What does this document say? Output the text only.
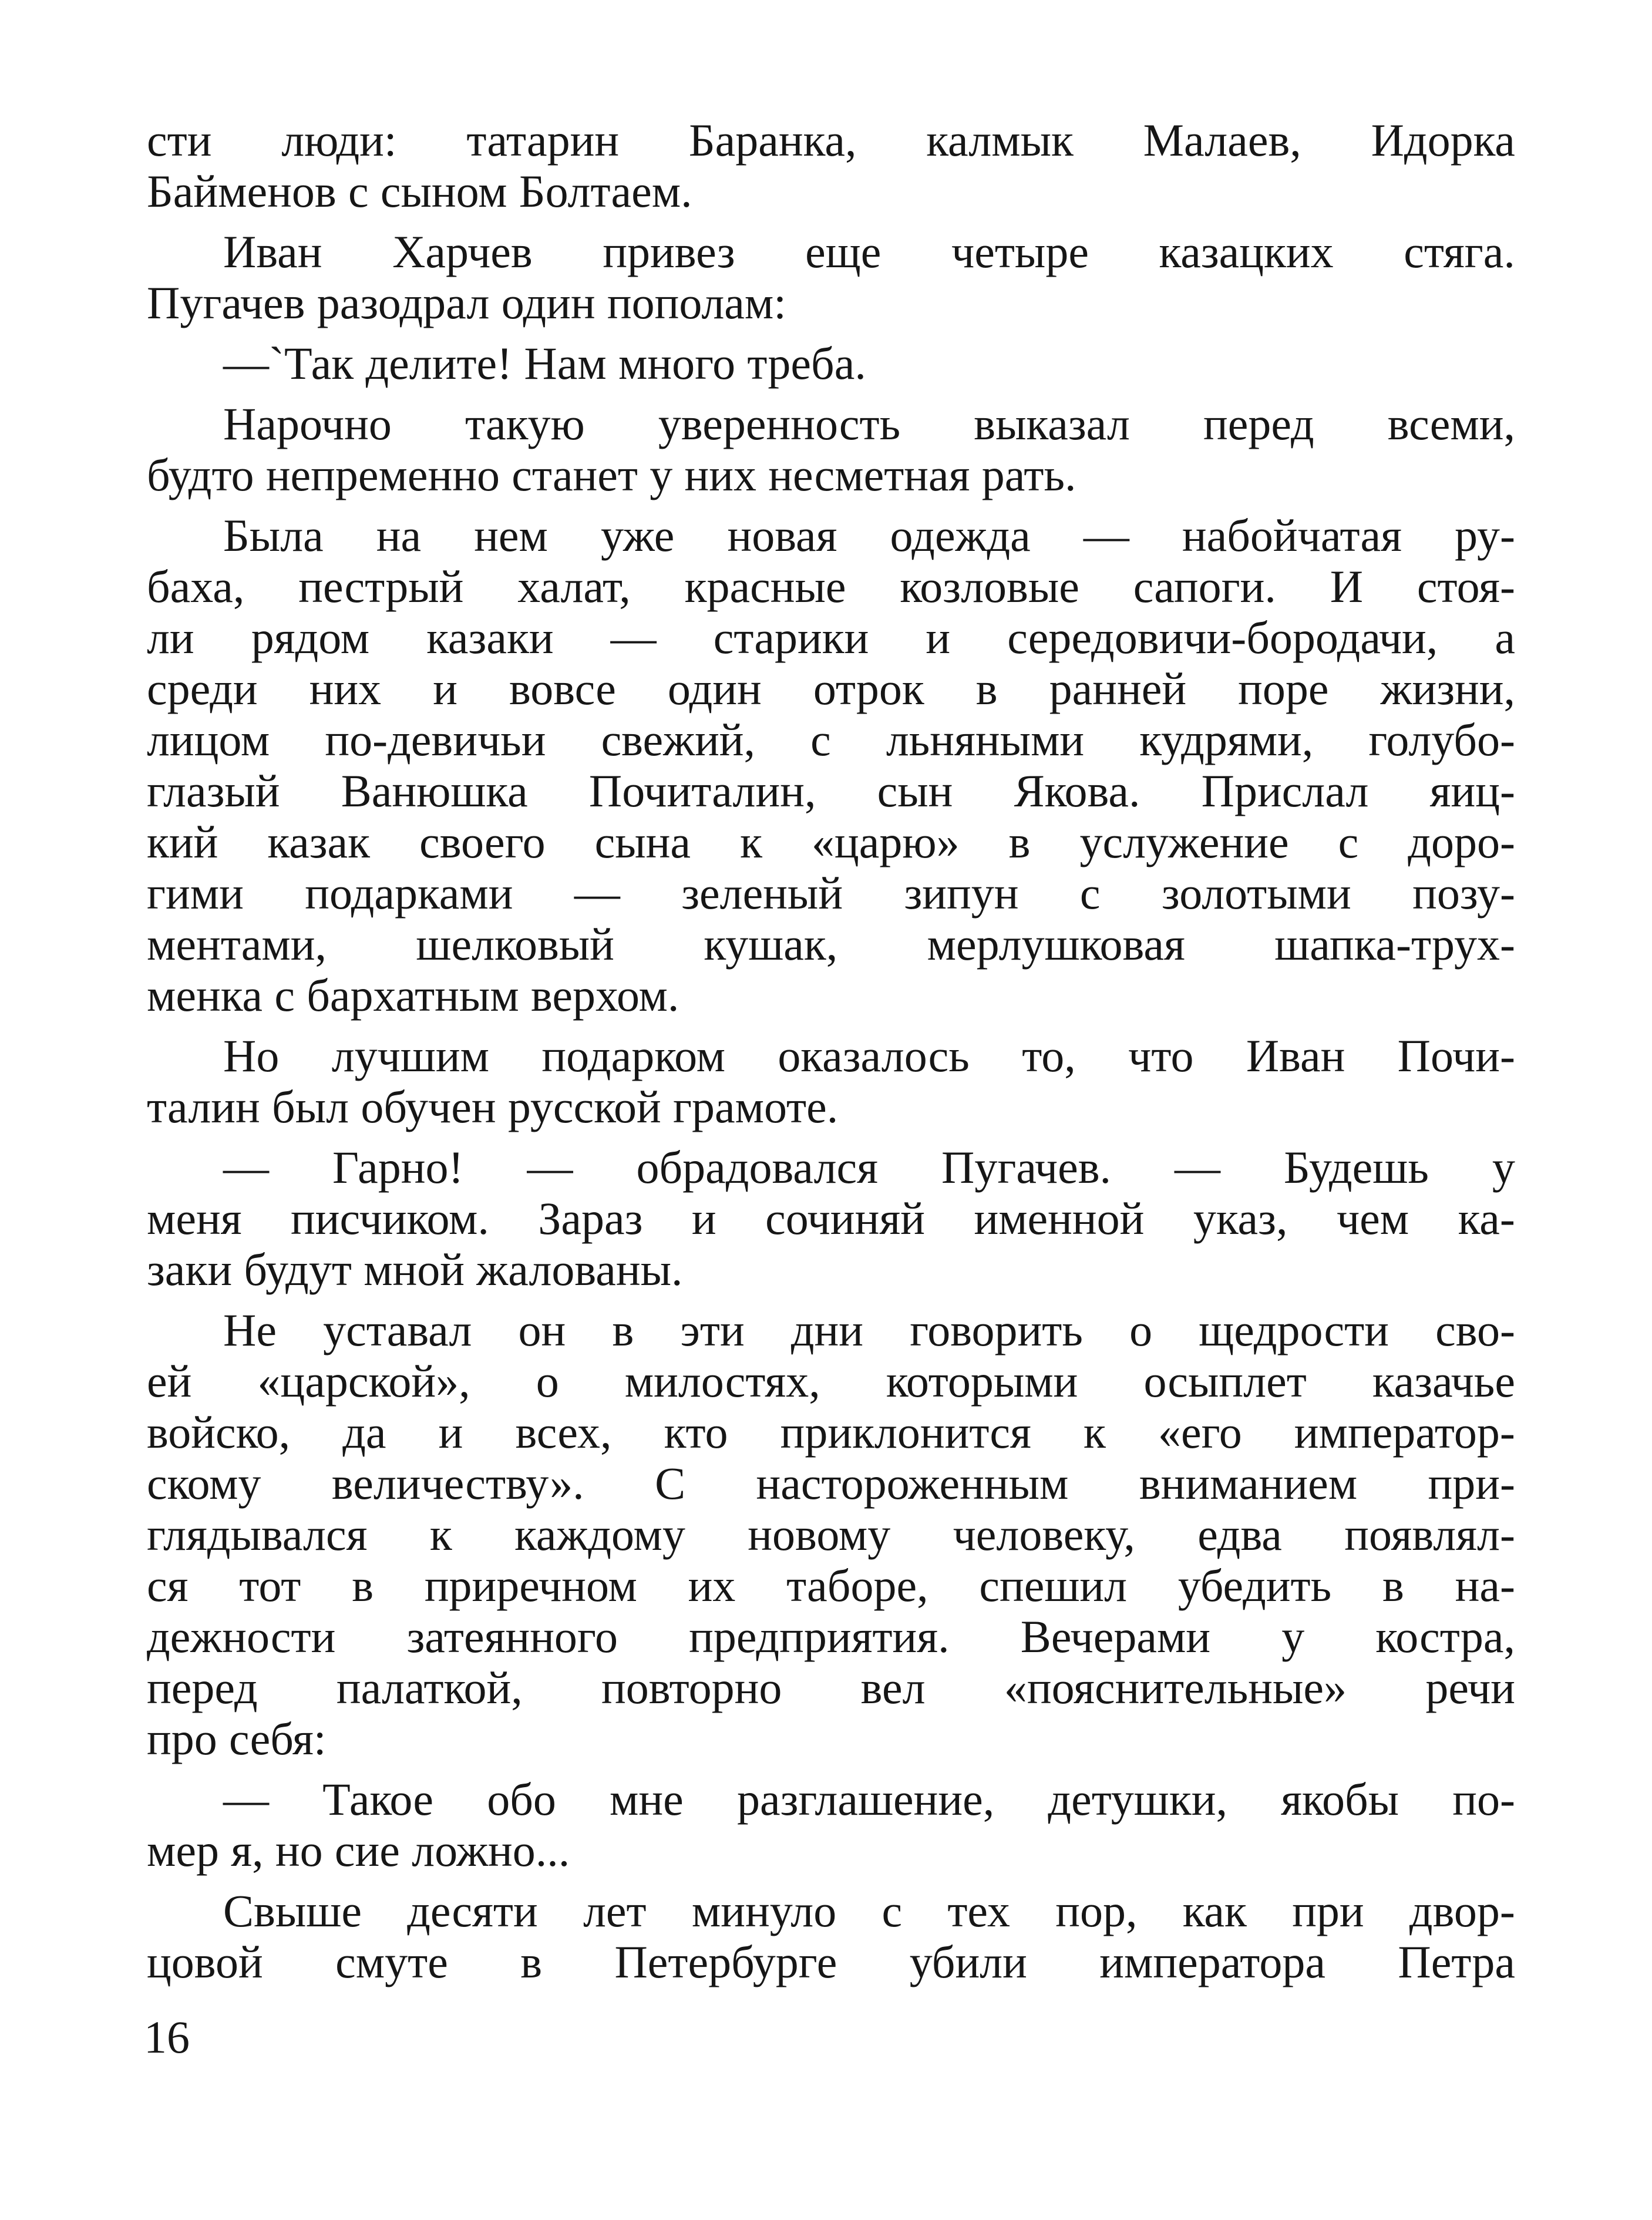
сти люди: татарин Баранка, калмык Малаев, Идорка
Байменов с сыном Болтаем.
Иван Харчев привез еще четыре казацких стяга.
Пугачев разодрал один пополам:
—`Так делите! Нам много треба.
Нарочно такую уверенность выказал перед всеми,
будто непременно станет у них несметная рать.
Была на нем уже новая одежда — набойчатая ру-
баха, пестрый халат, красные козловые сапоги. И стоя-
ли рядом казаки — старики и середовичи-бородачи, а
среди них и вовсе один отрок в ранней поре жизни,
лицом по-девичьи свежий, с льняными кудрями, голубо-
глазый Ванюшка Почиталин, сын Якова. Прислал яиц-
кий казак своего сына к «царю» в услужение с доро-
гими подарками — зеленый зипун с золотыми позу-
ментами, шелковый кушак, мерлушковая шапка-трух-
менка с бархатным верхом.
Но лучшим подарком оказалось то, что Иван Почи-
талин был обучен русской грамоте.
— Гарно! — обрадовался Пугачев. — Будешь у
меня писчиком. Зараз и сочиняй именной указ, чем ка-
заки будут мной жалованы.
Не уставал он в эти дни говорить о щедрости сво-
ей «царской», о милостях, которыми осыплет казачье
войско, да и всех, кто приклонится к «его император-
скому величеству». С настороженным вниманием при-
глядывался к каждому новому человеку, едва появлял-
ся тот в приречном их таборе, спешил убедить в на-
дежности затеянного предприятия. Вечерами у костра,
перед палаткой, повторно вел «пояснительные» речи
про себя:
— Такое обо мне разглашение, детушки, якобы по-
мер я, но сие ложно...
Свыше десяти лет минуло с тех пор, как при двор-
цовой смуте в Петербурге убили императора Петра
16
